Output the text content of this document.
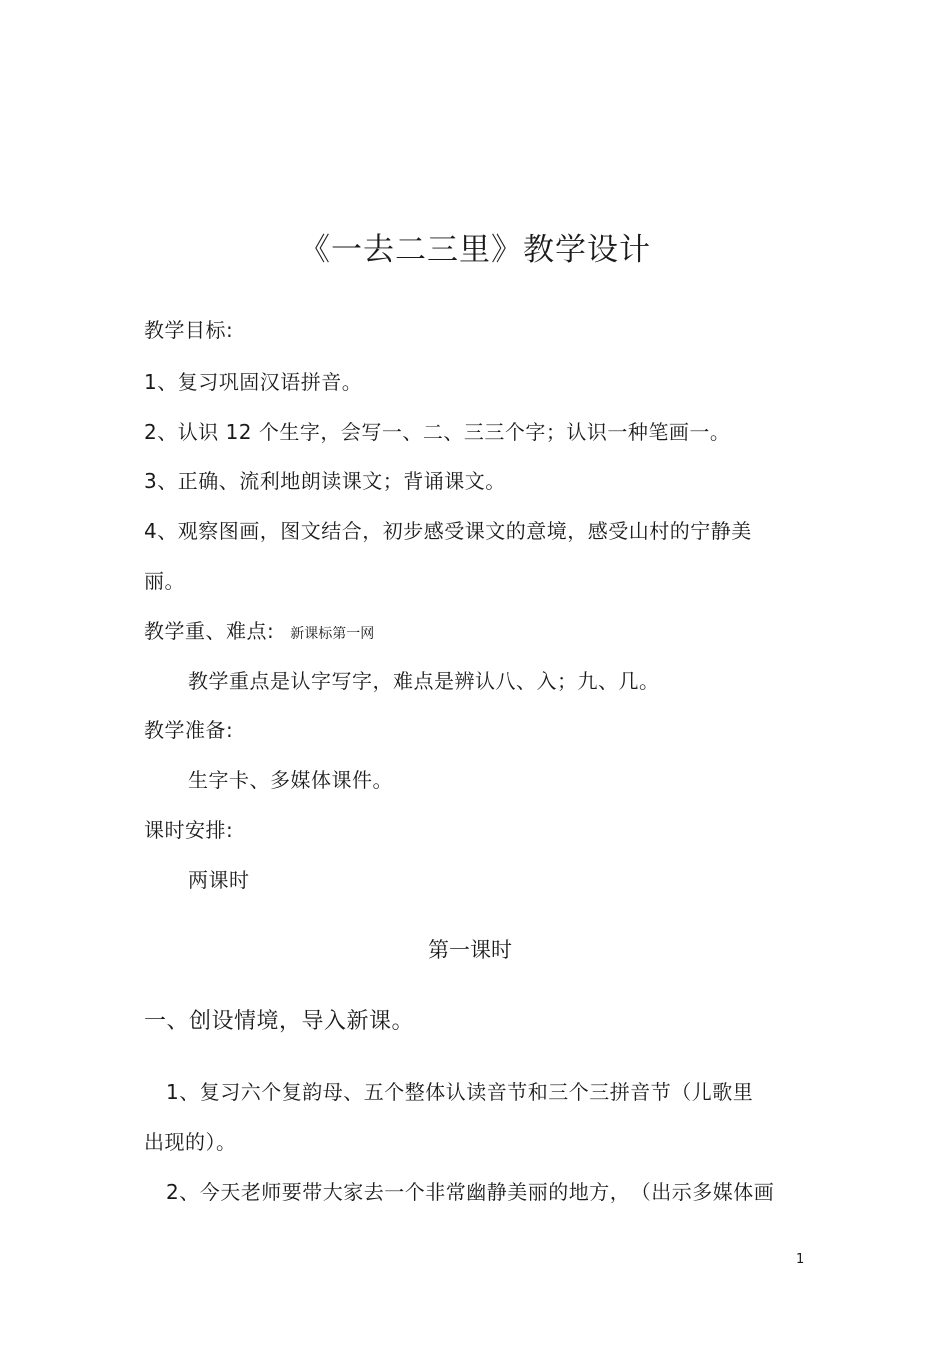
《一去二三里》教学设计
教学目标:
1、复习巩固汉语拼音。
2、认识 12 个生字，会写一、二、三三个字；认识一种笔画一。
3、正确、流利地朗读课文；背诵课文。
4、观察图画，图文结合，初步感受课文的意境，感受山村的宁静美
丽。
教学重、难点: 新课标第一网
教学重点是认字写字，难点是辨认八、入；九、几。
教学准备:
生字卡、多媒体课件。
课时安排:
两课时
第一课时
一、创设情境，导入新课。
1、复习六个复韵母、五个整体认读音节和三个三拼音节（儿歌里
出现的）。
2、今天老师要带大家去一个非常幽静美丽的地方，　（出示多媒体画
1
